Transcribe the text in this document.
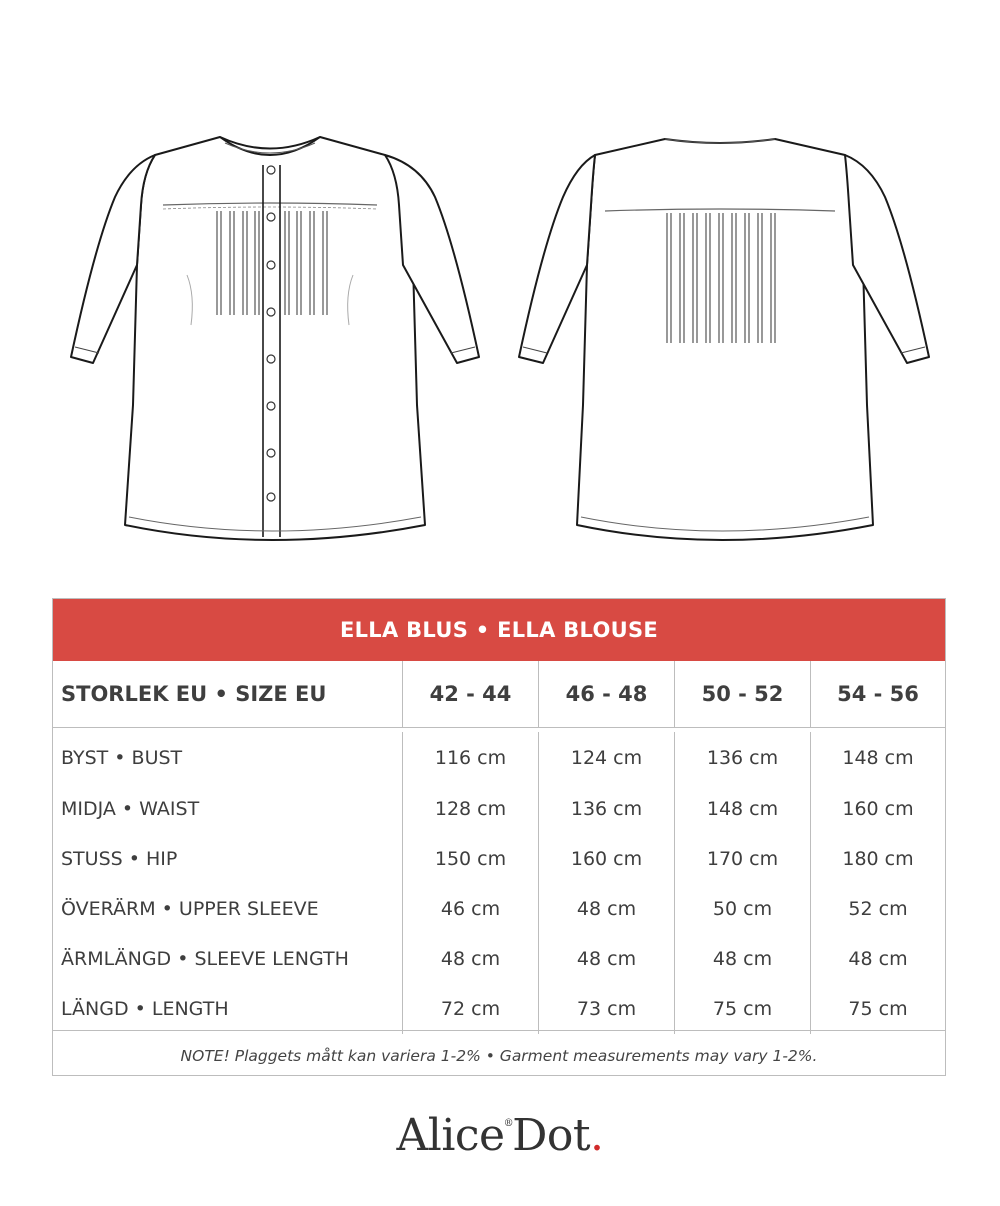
ELLA BLUS • ELLA BLOUSE
STORLEK EU • SIZE EU	42 - 44	46 - 48	50 - 52	54 - 56
BYST • BUST	116 cm	124 cm	136 cm	148 cm
MIDJA • WAIST	128 cm	136 cm	148 cm	160 cm
STUSS • HIP	150 cm	160 cm	170 cm	180 cm
ÖVERÄRM • UPPER SLEEVE	46 cm	48 cm	50 cm	52 cm
ÄRMLÄNGD • SLEEVE LENGTH	48 cm	48 cm	48 cm	48 cm
LÄNGD • LENGTH	72 cm	73 cm	75 cm	75 cm
NOTE! Plaggets mått kan variera 1-2% • Garment measurements may vary 1-2%.
Alice®Dot.
